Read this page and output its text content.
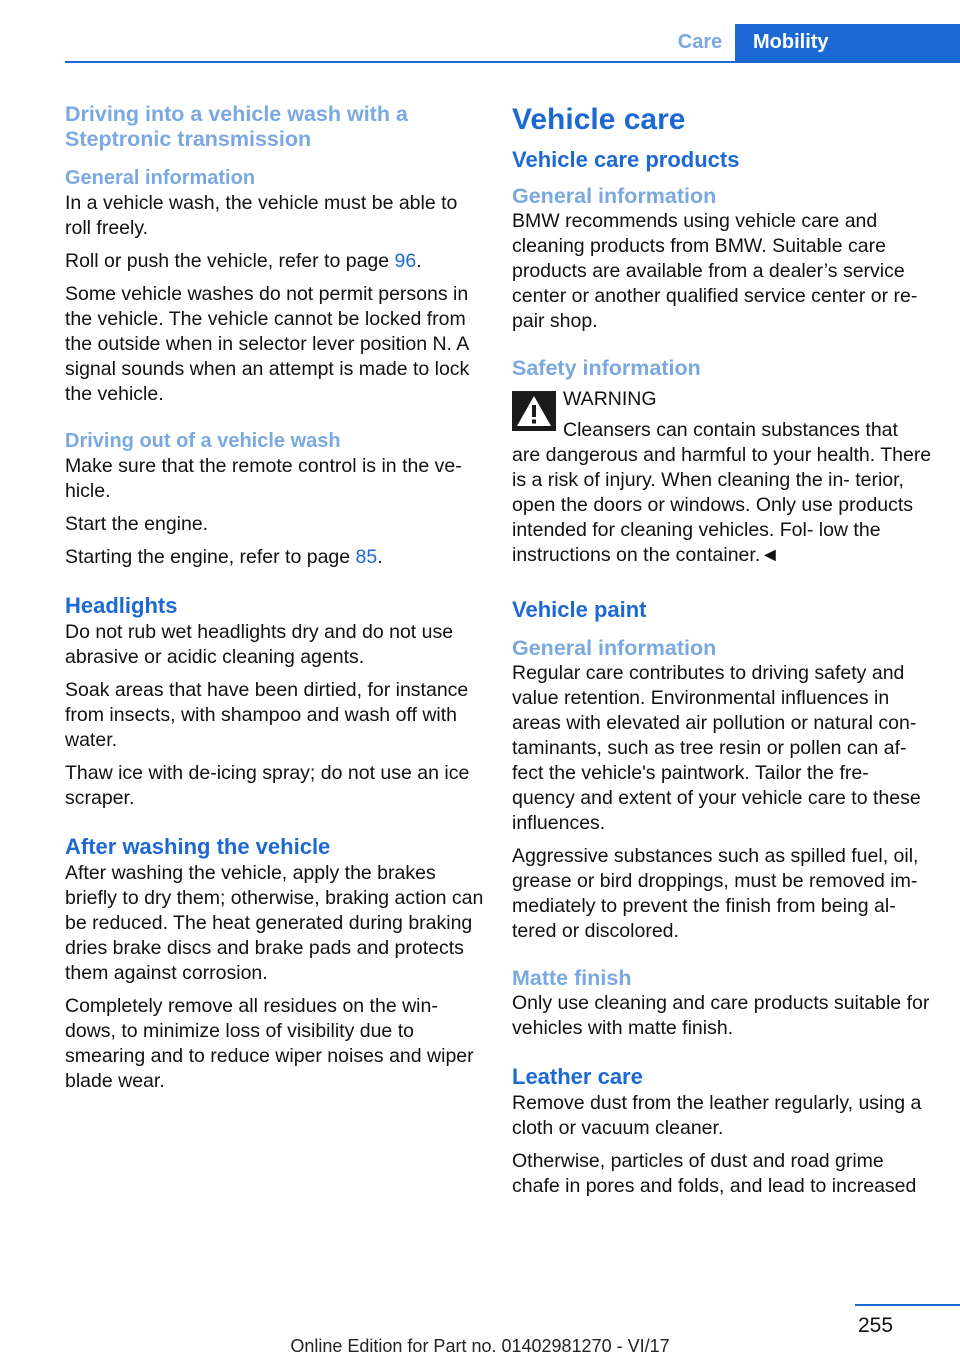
Care	Mobility
Driving into a vehicle wash with a Steptronic transmission
General information

In a vehicle wash, the vehicle must be able to roll freely.

Roll or push the vehicle, refer to page 96.

Some vehicle washes do not permit persons in the vehicle. The vehicle cannot be locked from the outside when in selector lever position N. A signal sounds when an attempt is made to lock the vehicle.

Driving out of a vehicle wash

Make sure that the remote control is in the ve‐ hicle.

Start the engine.

Starting the engine, refer to page 85.

Headlights

Do not rub wet headlights dry and do not use abrasive or acidic cleaning agents.

Soak areas that have been dirtied, for instance from insects, with shampoo and wash off with water.

Thaw ice with de-icing spray; do not use an ice scraper.

After washing the vehicle

After washing the vehicle, apply the brakes briefly to dry them; otherwise, braking action can be reduced. The heat generated during braking dries brake discs and brake pads and protects them against corrosion.

Completely remove all residues on the win‐ dows, to minimize loss of visibility due to smearing and to reduce wiper noises and wiper blade wear.

Vehicle care
Vehicle care products
General information

BMW recommends using vehicle care and cleaning products from BMW. Suitable care products are available from a dealer’s service center or another qualified service center or re‐ pair shop.

Safety information

WARNING

Cleansers can contain substances that

are dangerous and harmful to your health. There is a risk of injury. When cleaning the in‐ terior, open the doors or windows. Only use products intended for cleaning vehicles. Fol‐ low the instructions on the container.◄

Vehicle paint
General information

Regular care contributes to driving safety and value retention. Environmental influences in areas with elevated air pollution or natural con‐ taminants, such as tree resin or pollen can af‐ fect the vehicle's paintwork. Tailor the fre‐ quency and extent of your vehicle care to these influences.

Aggressive substances such as spilled fuel, oil, grease or bird droppings, must be removed im‐ mediately to prevent the finish from being al‐ tered or discolored.

Matte finish

Only use cleaning and care products suitable for vehicles with matte finish.

Leather care

Remove dust from the leather regularly, using a cloth or vacuum cleaner.

Otherwise, particles of dust and road grime chafe in pores and folds, and lead to increased

255
Online Edition for Part no. 01402981270 - VI/17
